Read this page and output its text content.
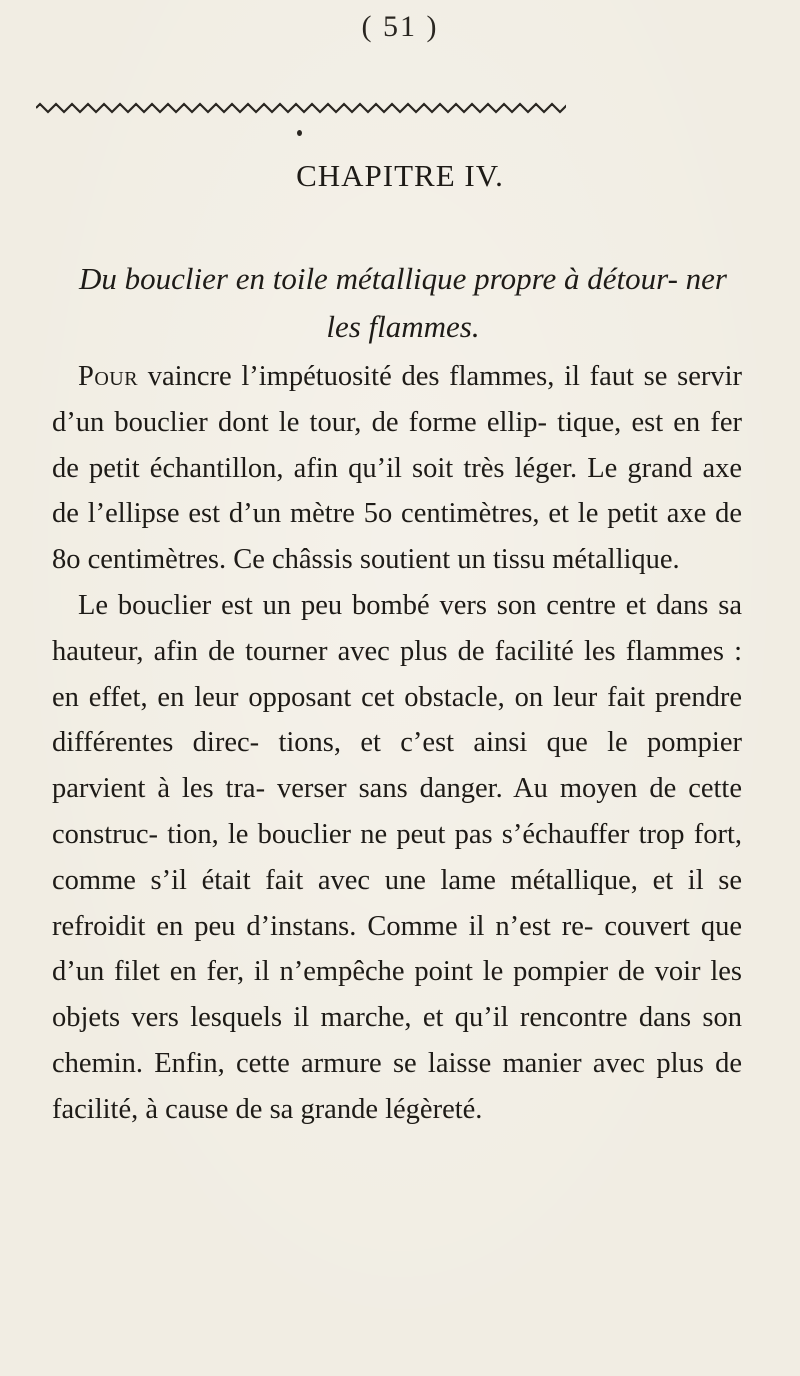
( 51 )
CHAPITRE IV.
Du bouclier en toile métallique propre à détour- ner les flammes.

Pour vaincre l’impétuosité des flammes, il faut se servir d’un bouclier dont le tour, de forme ellip- tique, est en fer de petit échantillon, afin qu’il soit très léger. Le grand axe de l’ellipse est d’un mètre 5o centimètres, et le petit axe de 8o centimètres. Ce châssis soutient un tissu métallique.

Le bouclier est un peu bombé vers son centre et dans sa hauteur, afin de tourner avec plus de facilité les flammes : en effet, en leur opposant cet obstacle, on leur fait prendre différentes direc- tions, et c’est ainsi que le pompier parvient à les tra- verser sans danger. Au moyen de cette construc- tion, le bouclier ne peut pas s’échauffer trop fort, comme s’il était fait avec une lame métallique, et il se refroidit en peu d’instans. Comme il n’est re- couvert que d’un filet en fer, il n’empêche point le pompier de voir les objets vers lesquels il marche, et qu’il rencontre dans son chemin. Enfin, cette armure se laisse manier avec plus de facilité, à cause de sa grande légèreté.
